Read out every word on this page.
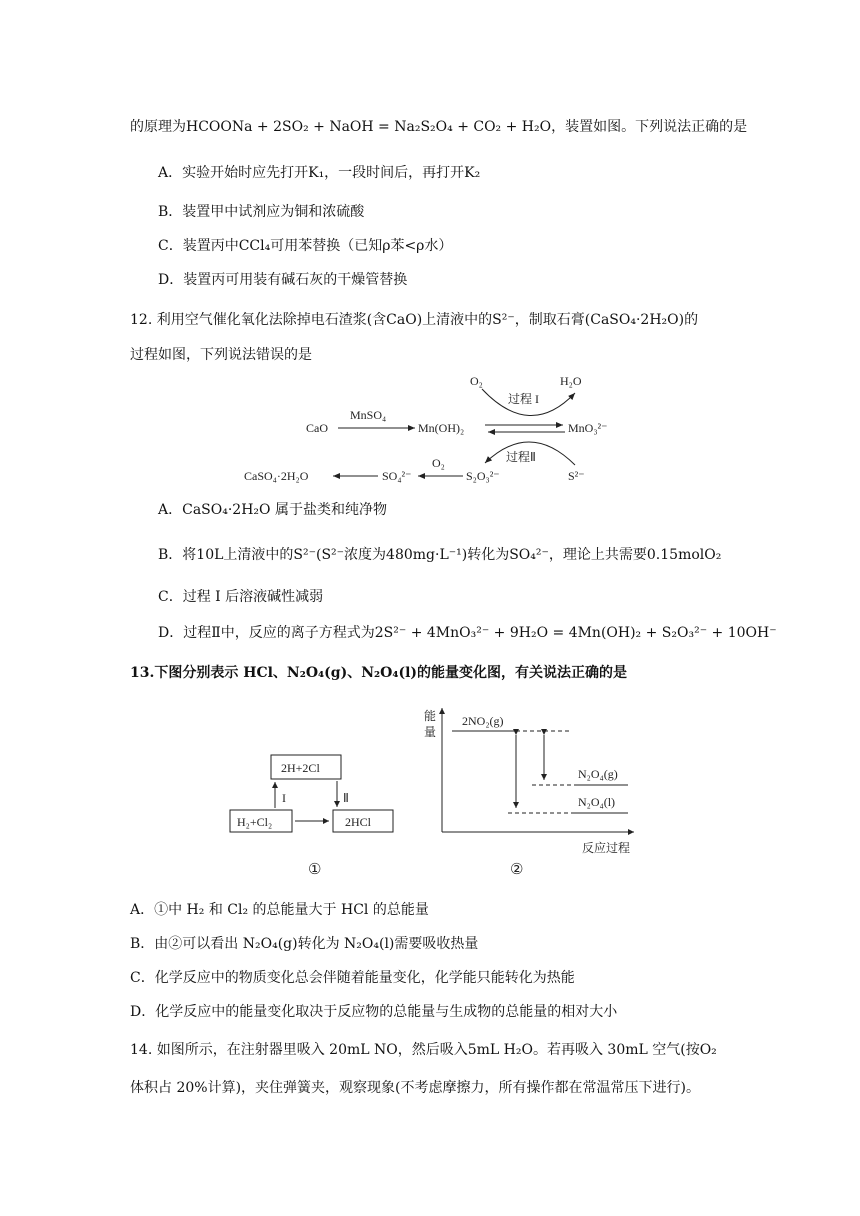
的原理为HCOONa + 2SO₂ + NaOH = Na₂S₂O₄ + CO₂ + H₂O，装置如图。下列说法正确的是
A．实验开始时应先打开K₁，一段时间后，再打开K₂
B．装置甲中试剂应为铜和浓硫酸
C．装置丙中CCl₄可用苯替换（已知ρ苯<ρ水）
D．装置丙可用装有碱石灰的干燥管替换
12. 利用空气催化氧化法除掉电石渣浆(含CaO)上清液中的S²⁻，制取石膏(CaSO₄·2H₂O)的
过程如图，下列说法错误的是
CaO
MnSO₄
Mn(OH)₂	MnO₃²⁻
O₂	H₂O
过程 I
CaSO₄·2H₂O	SO₄²⁻
O₂
S₂O₃²⁻
过程Ⅱ
S²⁻
A．CaSO₄·2H₂O 属于盐类和纯净物
B．将10L上清液中的S²⁻(S²⁻浓度为480mg·L⁻¹)转化为SO₄²⁻，理论上共需要0.15molO₂
C．过程 I 后溶液碱性减弱
D．过程Ⅱ中，反应的离子方程式为2S²⁻ + 4MnO₃²⁻ + 9H₂O = 4Mn(OH)₂ + S₂O₃²⁻ + 10OH⁻
13.下图分别表示 HCl、N₂O₄(g)、N₂O₄(l)的能量变化图，有关说法正确的是
2H+2Cl
H₂+Cl₂	2HCl
I	Ⅱ
①
能
量
反应过程
2NO₂(g)
N₂O₄(g)
N₂O₄(l)
②
A．①中 H₂ 和 Cl₂ 的总能量大于 HCl 的总能量
B．由②可以看出 N₂O₄(g)转化为 N₂O₄(l)需要吸收热量
C．化学反应中的物质变化总会伴随着能量变化，化学能只能转化为热能
D．化学反应中的能量变化取决于反应物的总能量与生成物的总能量的相对大小
14. 如图所示，在注射器里吸入 20mL NO，然后吸入5mL H₂O。若再吸入 30mL 空气(按O₂
体积占 20%计算)，夹住弹簧夹，观察现象(不考虑摩擦力，所有操作都在常温常压下进行)。
